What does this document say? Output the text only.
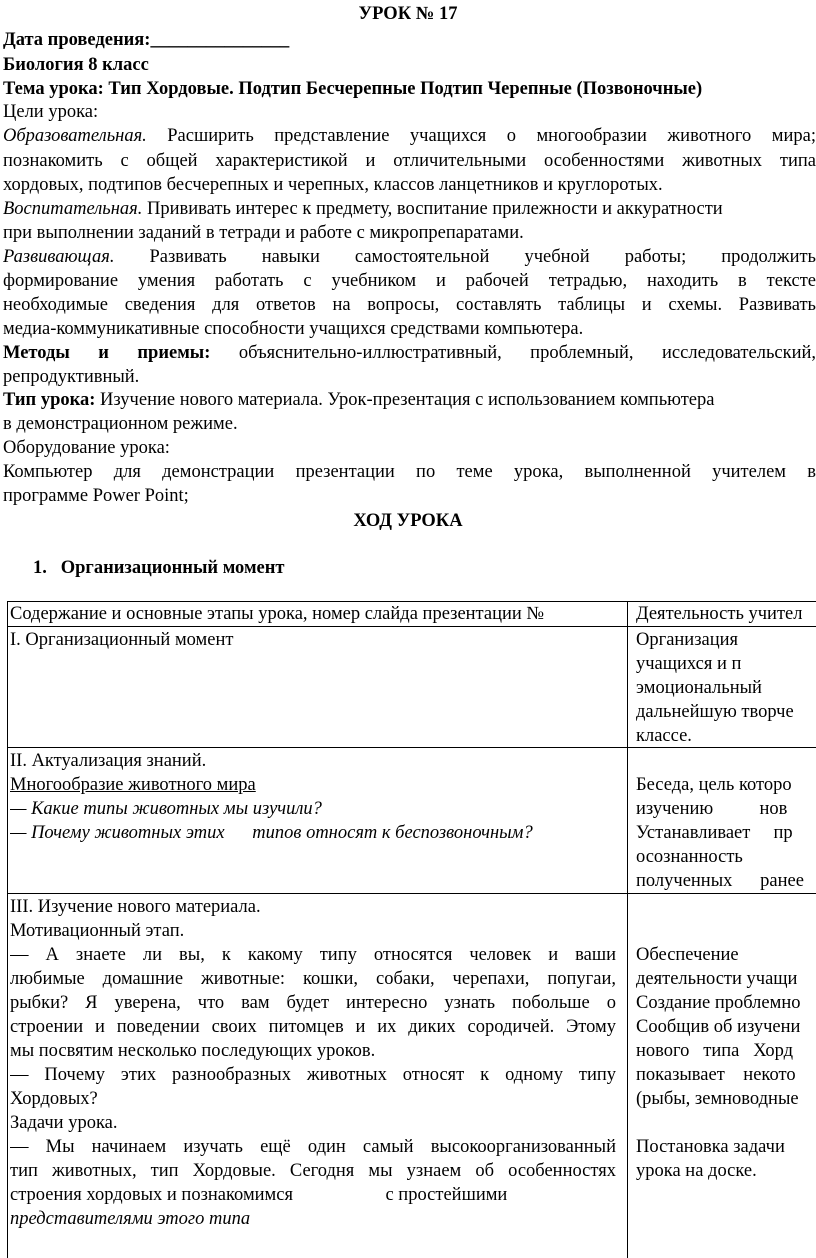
УРОК № 17
Дата проведения:_______________
Биология 8 класс
Тема урока: Тип Хордовые. Подтип Бесчерепные Подтип Черепные (Позвоночные)
Цели урока:
Образовательная. Расширить представление учащихся о многообразии животного мира;
познакомить с общей характеристикой и отличительными особенностями животных типа
хордовых, подтипов бесчерепных и черепных, классов ланцетников и круглоротых.
Воспитательная. Прививать интерес к предмету, воспитание прилежности и аккуратности
при выполнении заданий в тетради и работе с микропрепаратами.
Развивающая. Развивать навыки самостоятельной учебной работы; продолжить
формирование умения работать с учебником и рабочей тетрадью, находить в тексте
необходимые сведения для ответов на вопросы, составлять таблицы и схемы. Развивать
медиа-коммуникативные способности учащихся средствами компьютера.
Методы и приемы: объяснительно-иллюстративный, проблемный, исследовательский,
репродуктивный.
Тип урока: Изучение нового материала. Урок-презентация с использованием компьютера
в демонстрационном режиме.
Оборудование урока:
Компьютер для демонстрации презентации по теме урока, выполненной учителем в
программе Power Point;
ХОД УРОКА
1. Организационный момент
Содержание и основные этапы урока, номер слайда презентации №	Деятельность учител
I. Организационный момент	Организация
учащихся и п
эмоциональный
дальнейшую творче
классе.
II. Актуализация знаний.
Многообразие животного мира
— Какие типы животных мы изучили?
— Почему животных этих      типов относят к беспозвоночным?
Беседа, цель которо
изучению          нов
Устанавливает     пр
осознанность
полученных      ранее
III. Изучение нового материала.
Мотивационный этап.
— А знаете ли вы, к какому типу относятся человек и ваши
любимые домашние животные: кошки, собаки, черепахи, попугаи,
рыбки? Я уверена, что вам будет интересно узнать побольше о
строении и поведении своих питомцев и их диких сородичей. Этому
мы посвятим несколько последующих уроков.
— Почему этих разнообразных животных относят к одному типу
Хордовых?
Задачи урока.
— Мы начинаем изучать ещё один самый высокоорганизованный
тип животных, тип Хордовые. Сегодня мы узнаем об особенностях
строения хордовых и познакомимся                    с простейшими
представителями этого типа
Обеспечение
деятельности учащи
Создание проблемно
Сообщив об изучени
нового   типа   Хорд
показывает    некото
(рыбы, земноводные
Постановка задачи
урока на доске.
